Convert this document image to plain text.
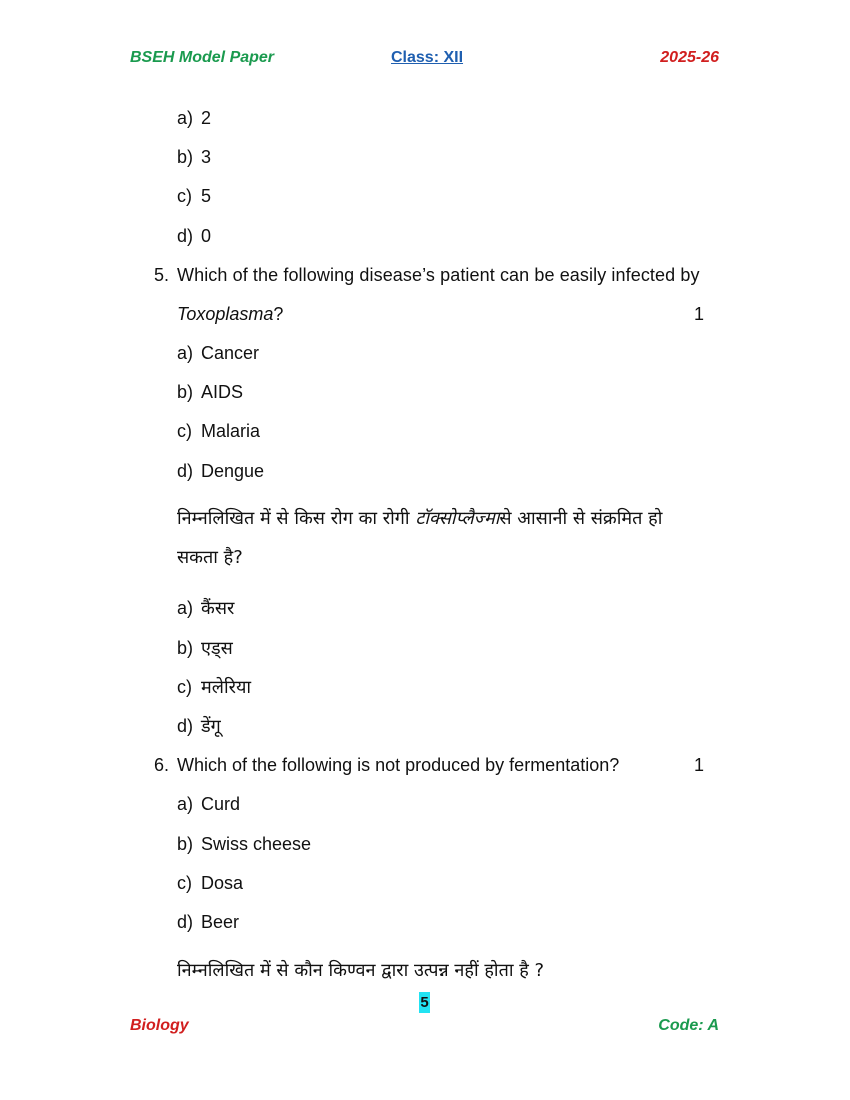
BSEH Model Paper	Class: XII	2025-26
a) 2
b) 3
c) 5
d) 0
5. Which of the following disease’s patient can be easily infected by
Toxoplasma?	1
a) Cancer
b) AIDS
c) Malaria
d) Dengue
निम्नलिखित में से किस रोग का रोगी टॉक्सोप्लैज्मासे आसानी से संक्रमित हो
सकता है?
a) कैंसर
b) एड्स
c) मलेरिया
d) डेंगू
6. Which of the following is not produced by fermentation?	1
a) Curd
b) Swiss cheese
c) Dosa
d) Beer
निम्नलिखित में से कौन किण्वन द्वारा उत्पन्न नहीं होता है ?
5
Biology	Code: A
